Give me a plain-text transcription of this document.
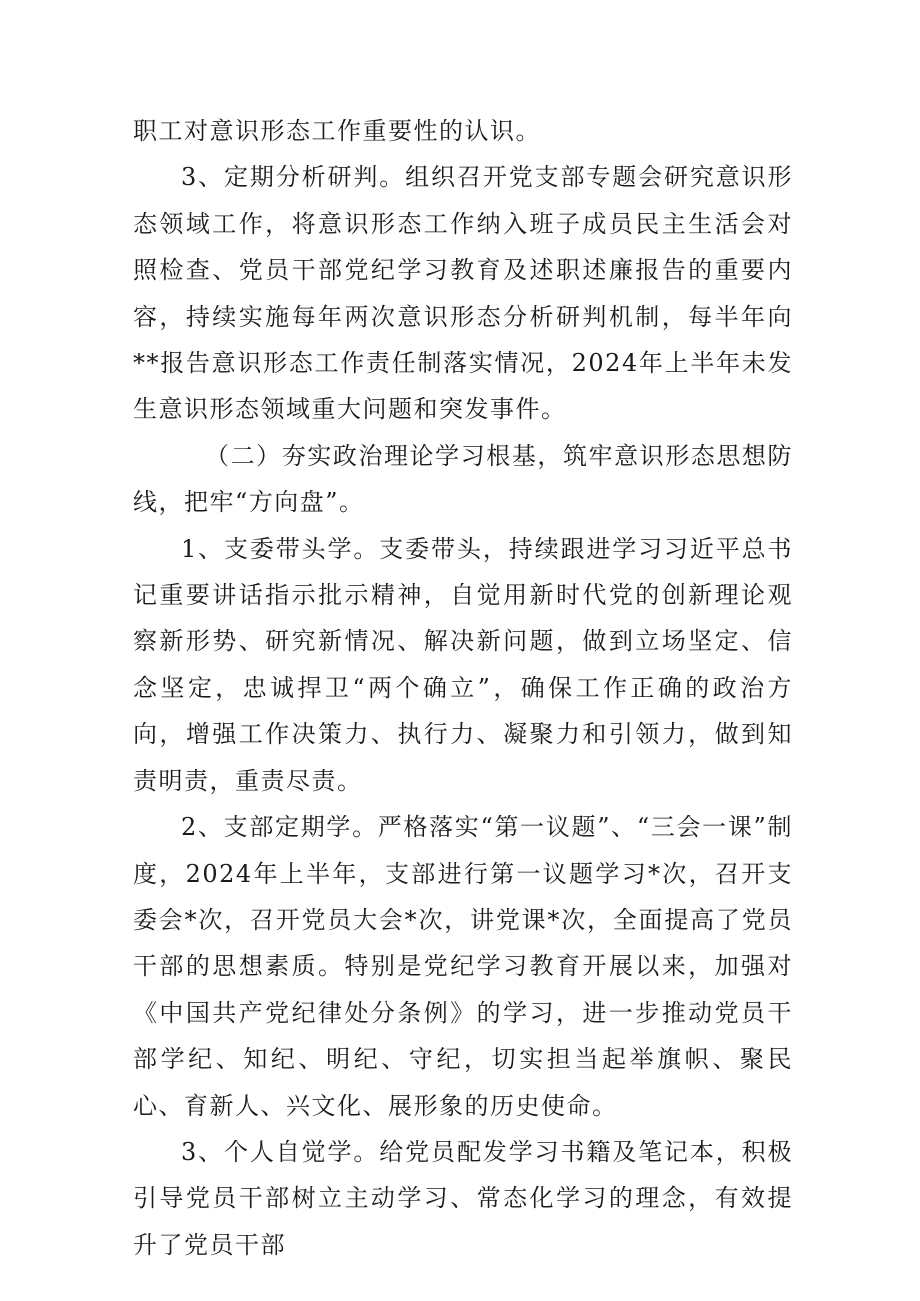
职工对意识形态工作重要性的认识。

3、定期分析研判。组织召开党支部专题会研究意识形态领域工作，将意识形态工作纳入班子成员民主生活会对照检查、党员干部党纪学习教育及述职述廉报告的重要内容，持续实施每年两次意识形态分析研判机制，每半年向**报告意识形态工作责任制落实情况，2024年上半年未发生意识形态领域重大问题和突发事件。

（二）夯实政治理论学习根基，筑牢意识形态思想防线，把牢“方向盘”。

1、支委带头学。支委带头，持续跟进学习习近平总书记重要讲话指示批示精神，自觉用新时代党的创新理论观察新形势、研究新情况、解决新问题，做到立场坚定、信念坚定，忠诚捍卫“两个确立”，确保工作正确的政治方向，增强工作决策力、执行力、凝聚力和引领力，做到知责明责，重责尽责。

2、支部定期学。严格落实“第一议题”、“三会一课”制度，2024年上半年，支部进行第一议题学习*次，召开支委会*次，召开党员大会*次，讲党课*次，全面提高了党员干部的思想素质。特别是党纪学习教育开展以来，加强对《中国共产党纪律处分条例》的学习，进一步推动党员干部学纪、知纪、明纪、守纪，切实担当起举旗帜、聚民心、育新人、兴文化、展形象的历史使命。

3、个人自觉学。给党员配发学习书籍及笔记本，积极引导党员干部树立主动学习、常态化学习的理念，有效提升了党员干部
